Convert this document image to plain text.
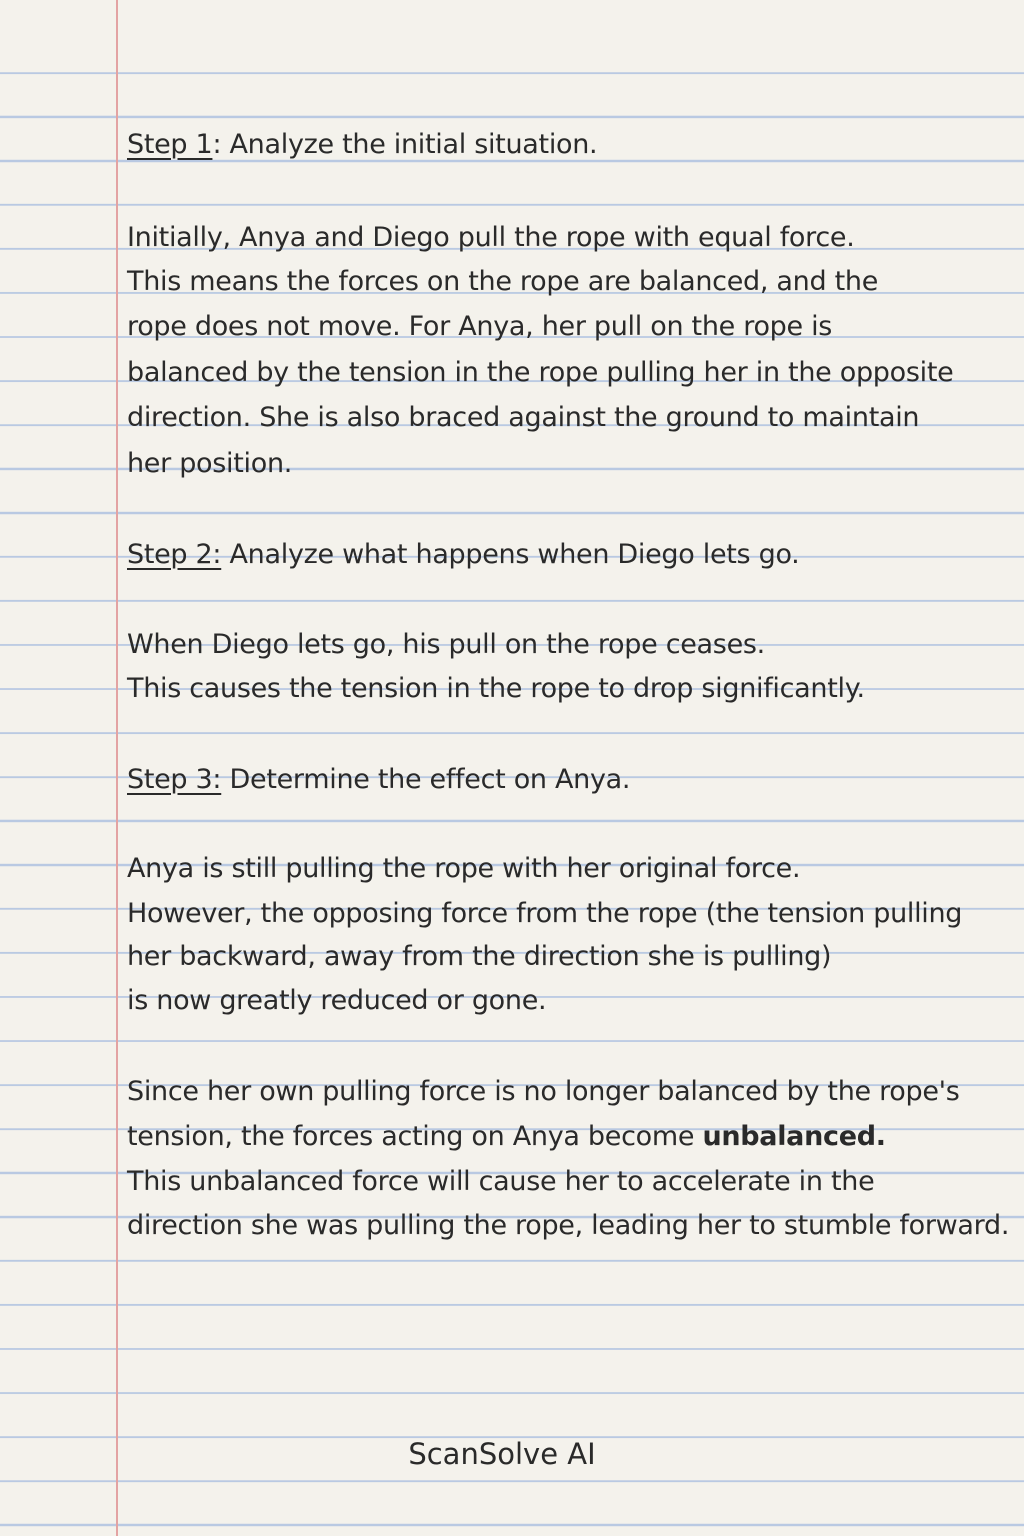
Step 1: Analyze the initial situation.
Initially, Anya and Diego pull the rope with equal force.
This means the forces on the rope are balanced, and the
rope does not move. For Anya, her pull on the rope is
balanced by the tension in the rope pulling her in the opposite
direction. She is also braced against the ground to maintain
her position.
Step 2: Analyze what happens when Diego lets go.
When Diego lets go, his pull on the rope ceases.
This causes the tension in the rope to drop significantly.
Step 3: Determine the effect on Anya.
Anya is still pulling the rope with her original force.
However, the opposing force from the rope (the tension pulling
her backward, away from the direction she is pulling)
is now greatly reduced or gone.
Since her own pulling force is no longer balanced by the rope's
tension, the forces acting on Anya become unbalanced.
This unbalanced force will cause her to accelerate in the
direction she was pulling the rope, leading her to stumble forward.
ScanSolve AI
